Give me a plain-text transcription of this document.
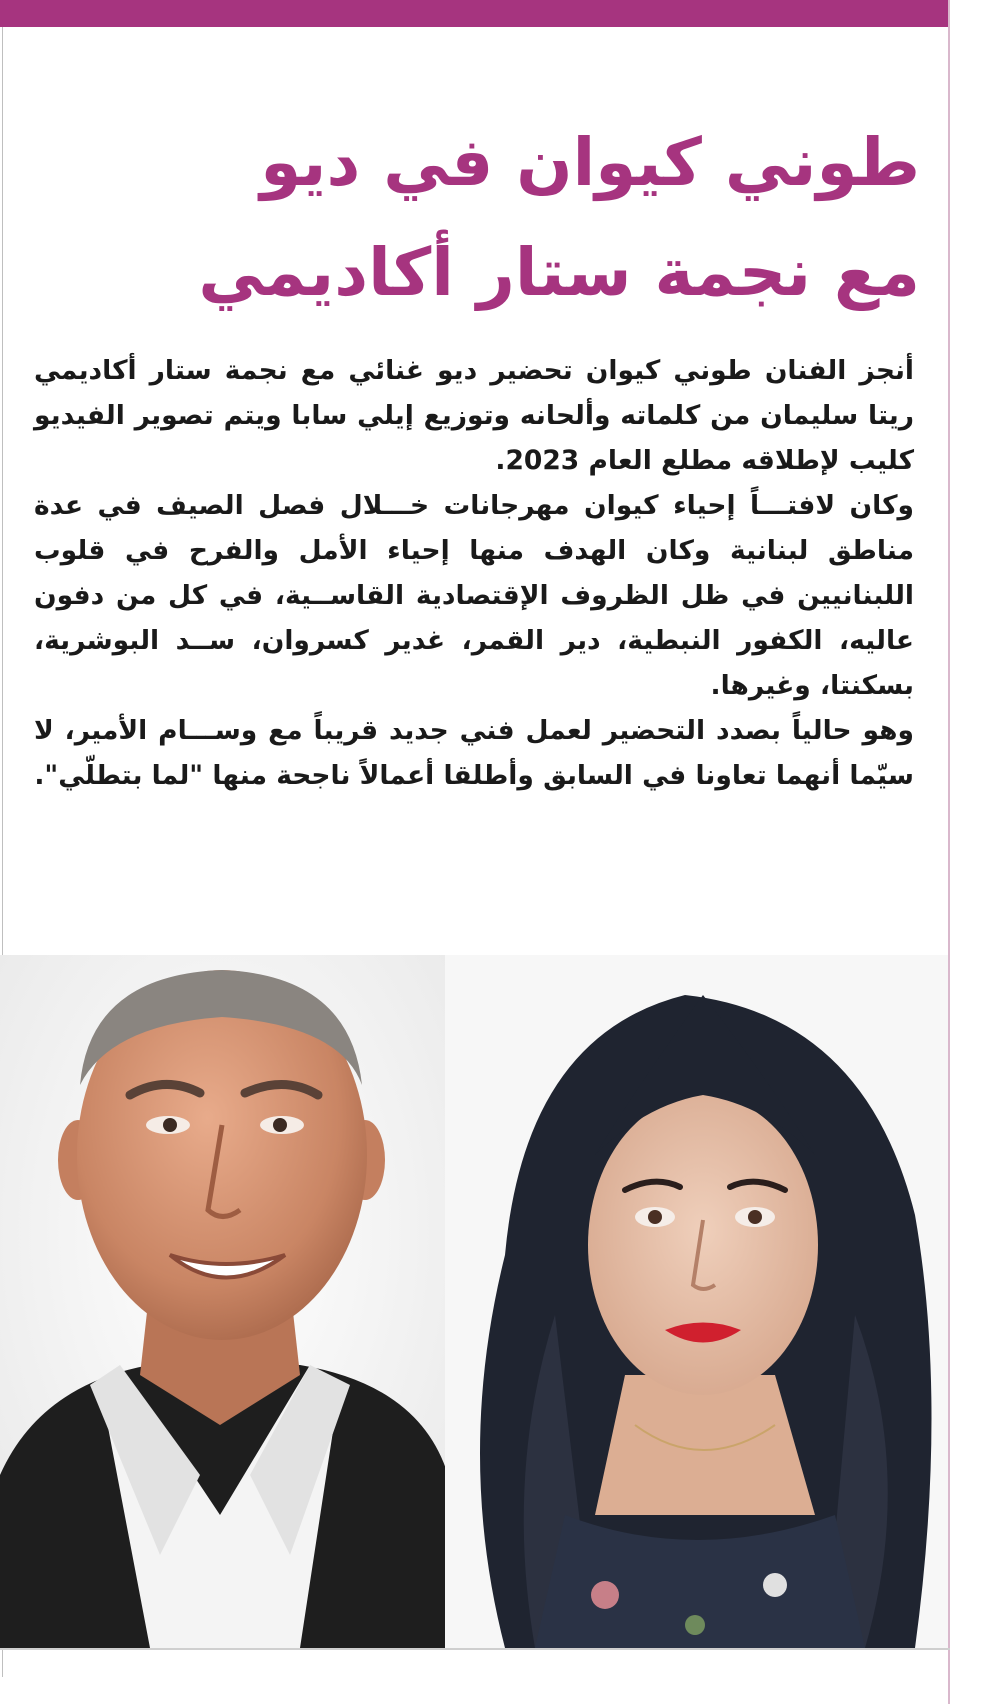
طوني كيوان في ديو
مع نجمة ستار أكاديمي

أنجز الفنان طوني كيوان تحضير ديو غنائي مع نجمة ستار أكاديمي ريتا سليمان من كلماته وألحانه وتوزيع إيلي سابا ويتم تصوير الفيديو كليب لإطلاقه مطلع العام 2023.

وكان لافتـــاً إحياء كيوان مهرجانات خـــلال فصل الصيف في عدة مناطق لبنانية وكان الهدف منها إحياء الأمل والفرح في قلوب اللبنانيين في ظل الظروف الإقتصادية القاســية، في كل من دفون عاليه، الكفور النبطية، دير القمر، غدير كسروان، ســد البوشرية، بسكنتا، وغيرها.

وهو حالياً بصدد التحضير لعمل فني جديد قريباً مع وســـام الأمير، لا سيّما أنهما تعاونا في السابق وأطلقا أعمالاً ناجحة منها "لما بتطلّي".
